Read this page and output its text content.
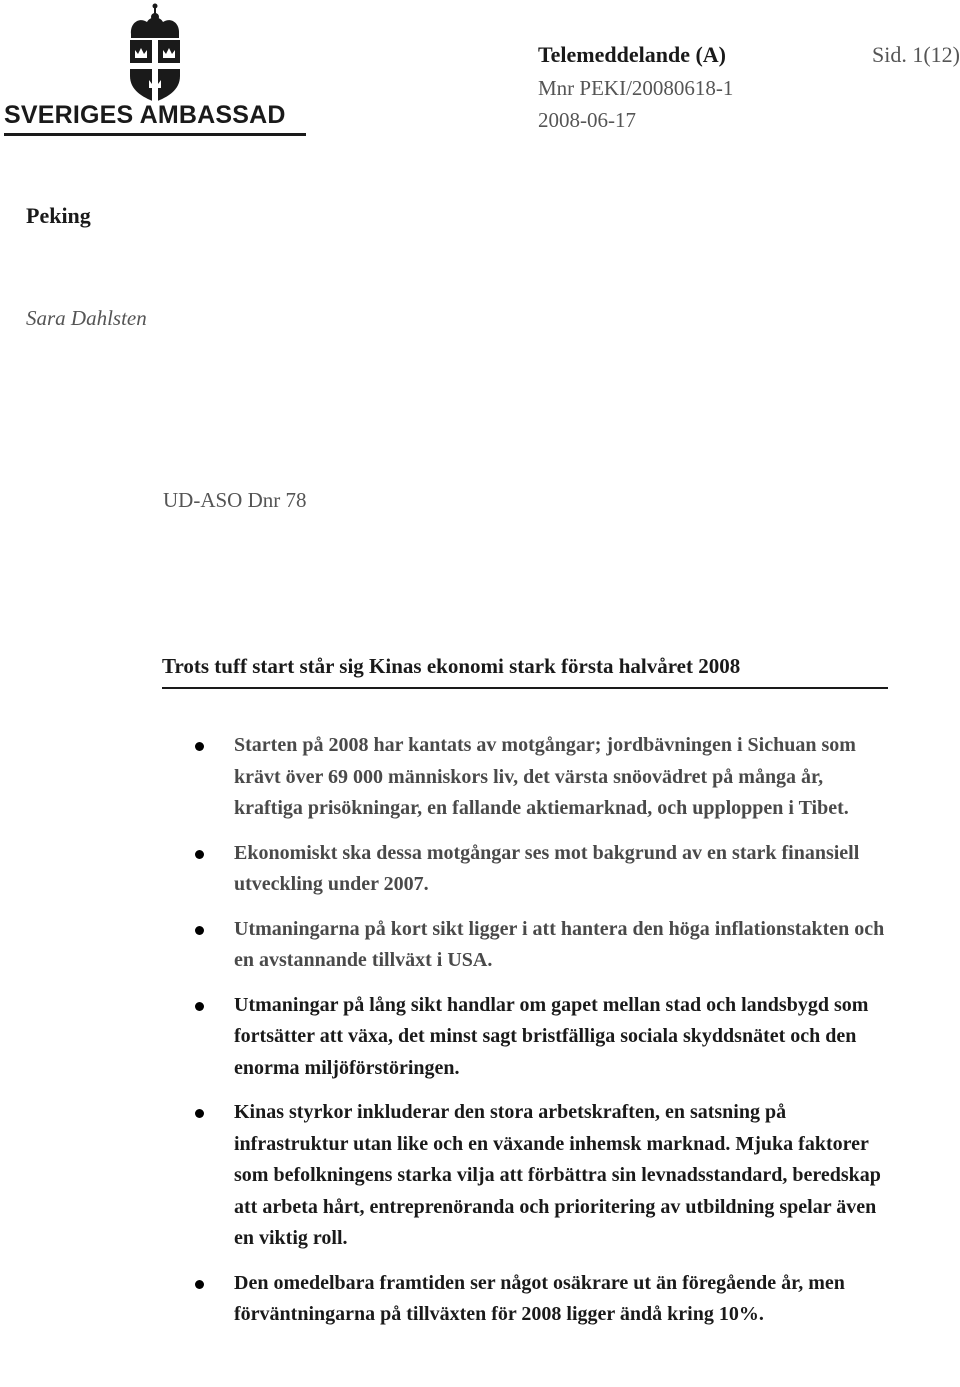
SVERIGES AMBASSAD
Telemeddelande (A)	Sid. 1(12)
Mnr PEKI/20080618-1
2008-06-17
Peking
Sara Dahlsten
UD-ASO Dnr 78
Trots tuff start står sig Kinas ekonomi stark första halvåret 2008
Starten på 2008 har kantats av motgångar; jordbävningen i Sichuan som krävt över 69 000 människors liv, det värsta snöovädret på många år, kraftiga prisökningar, en fallande aktiemarknad, och upploppen i Tibet.
Ekonomiskt ska dessa motgångar ses mot bakgrund av en stark finansiell utveckling under 2007.
Utmaningarna på kort sikt ligger i att hantera den höga inflationstakten och en avstannande tillväxt i USA.
Utmaningar på lång sikt handlar om gapet mellan stad och landsbygd som fortsätter att växa, det minst sagt bristfälliga sociala skyddsnätet och den enorma miljöförstöringen.
Kinas styrkor inkluderar den stora arbetskraften, en satsning på infrastruktur utan like och en växande inhemsk marknad. Mjuka faktorer som befolkningens starka vilja att förbättra sin levnadsstandard, beredskap att arbeta hårt, entreprenöranda och prioritering av utbildning spelar även en viktig roll.
Den omedelbara framtiden ser något osäkrare ut än föregående år, men förväntningarna på tillväxten för 2008 ligger ändå kring 10%.
